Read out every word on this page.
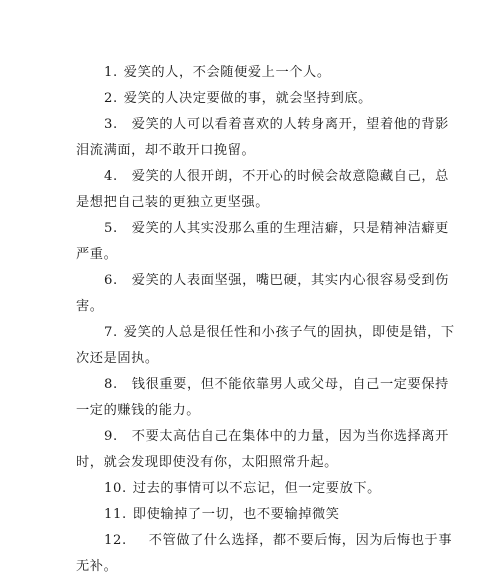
1. 爱笑的人，不会随便爱上一个人。

2. 爱笑的人决定要做的事，就会坚持到底。

3. 爱笑的人可以看着喜欢的人转身离开，望着他的背影泪流满面，却不敢开口挽留。

4. 爱笑的人很开朗，不开心的时候会故意隐藏自己，总是想把自己装的更独立更坚强。

5. 爱笑的人其实没那么重的生理洁癖，只是精神洁癖更严重。

6. 爱笑的人表面坚强，嘴巴硬，其实内心很容易受到伤害。

7. 爱笑的人总是很任性和小孩子气的固执，即使是错，下次还是固执。

8. 钱很重要，但不能依靠男人或父母，自己一定要保持一定的赚钱的能力。

9. 不要太高估自己在集体中的力量，因为当你选择离开时，就会发现即使没有你，太阳照常升起。

10. 过去的事情可以不忘记，但一定要放下。

11. 即使输掉了一切，也不要输掉微笑

12. 不管做了什么选择，都不要后悔，因为后悔也于事无补。
